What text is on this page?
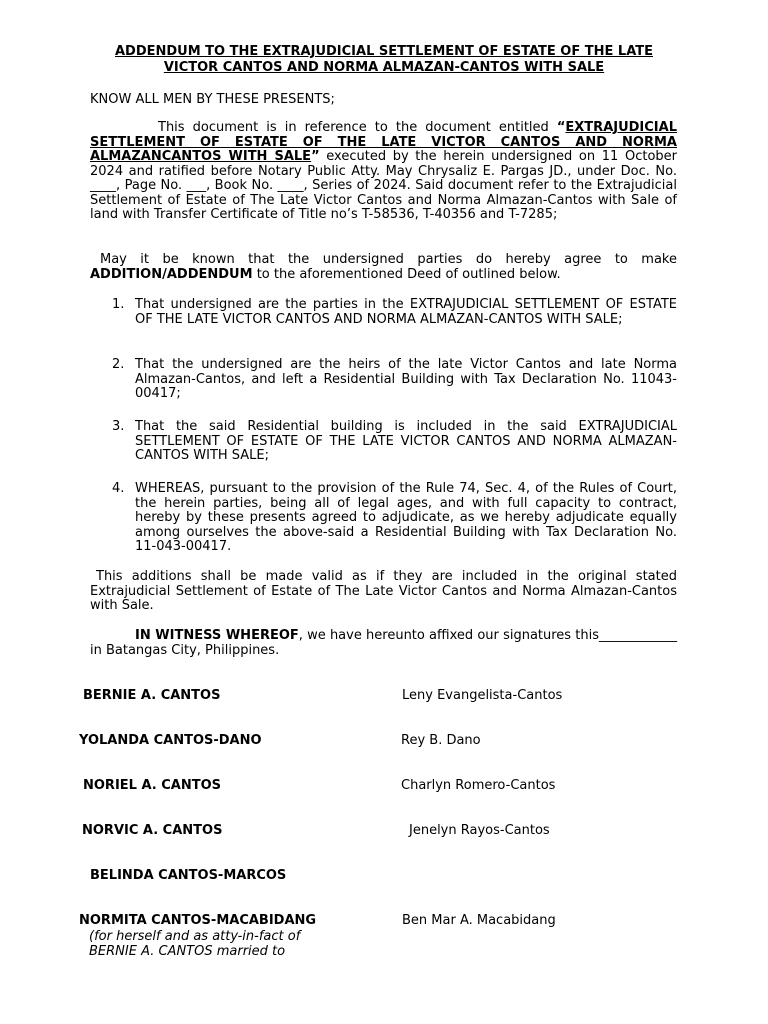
ADDENDUM TO THE EXTRAJUDICIAL SETTLEMENT OF ESTATE OF THE LATE
VICTOR CANTOS AND NORMA ALMAZAN-CANTOS WITH SALE
KNOW ALL MEN BY THESE PRESENTS;
This document is in reference to the document entitled “EXTRAJUDICIAL SETTLEMENT OF ESTATE OF THE LATE VICTOR CANTOS AND NORMA ALMAZANCANTOS WITH SALE” executed by the herein undersigned on 11 October 2024 and ratified before Notary Public Atty. May Chrysaliz E. Pargas JD., under Doc. No. ____, Page No. ___, Book No. ____, Series of 2024. Said document refer to the Extrajudicial Settlement of Estate of The Late Victor Cantos and Norma Almazan-Cantos with Sale of land with Transfer Certificate of Title no’s T-58536, T-40356 and T-7285;
May it be known that the undersigned parties do hereby agree to make ADDITION/ADDENDUM to the aforementioned Deed of outlined below.
1. That undersigned are the parties in the EXTRAJUDICIAL SETTLEMENT OF ESTATE OF THE LATE VICTOR CANTOS AND NORMA ALMAZAN-CANTOS WITH SALE;
2. That the undersigned are the heirs of the late Victor Cantos and late Norma Almazan-Cantos, and left a Residential Building with Tax Declaration No. 11043-00417;
3. That the said Residential building is included in the said EXTRAJUDICIAL SETTLEMENT OF ESTATE OF THE LATE VICTOR CANTOS AND NORMA ALMAZAN-CANTOS WITH SALE;
4. WHEREAS, pursuant to the provision of the Rule 74, Sec. 4, of the Rules of Court, the herein parties, being all of legal ages, and with full capacity to contract, hereby by these presents agreed to adjudicate, as we hereby adjudicate equally among ourselves the above-said a Residential Building with Tax Declaration No. 11-043-00417.
This additions shall be made valid as if they are included in the original stated Extrajudicial Settlement of Estate of The Late Victor Cantos and Norma Almazan-Cantos with Sale.
IN WITNESS WHEREOF, we have hereunto affixed our signatures this____________ in Batangas City, Philippines.
BERNIE A. CANTOS	Leny Evangelista-Cantos
YOLANDA CANTOS-DANO	Rey B. Dano
NORIEL A. CANTOS	Charlyn Romero-Cantos
NORVIC A. CANTOS	Jenelyn Rayos-Cantos
BELINDA CANTOS-MARCOS
NORMITA CANTOS-MACABIDANG	Ben Mar A. Macabidang
(for herself and as atty-in-fact of
BERNIE A. CANTOS married to
